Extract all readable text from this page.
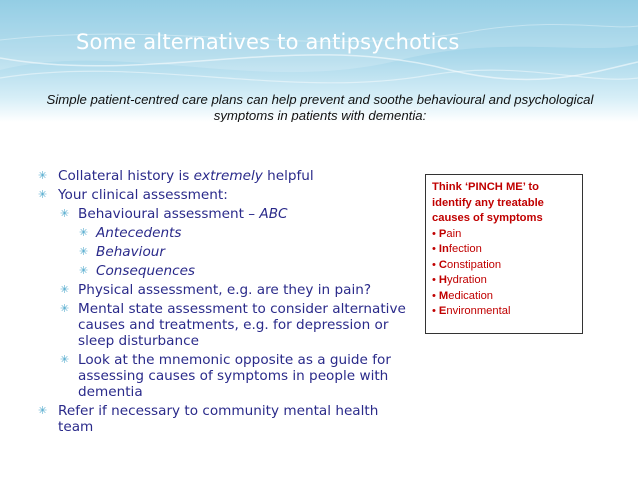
Some alternatives to antipsychotics

Simple patient-centred care plans can help prevent and soothe behavioural and psychological symptoms in patients with dementia:

✳ Collateral history is extremely helpful
✳ Your clinical assessment:
✳ Behavioural assessment – ABC
✳ Antecedents
✳ Behaviour
✳ Consequences
✳ Physical assessment, e.g. are they in pain?
✳ Mental state assessment to consider alternative causes and treatments, e.g. for depression or sleep disturbance
✳ Look at the mnemonic opposite as a guide for assessing causes of symptoms in people with dementia
✳ Refer if necessary to community mental health team

Think ‘PINCH ME’ to identify any treatable causes of symptoms

• Pain
• Infection
• Constipation
• Hydration
• Medication
• Environmental
